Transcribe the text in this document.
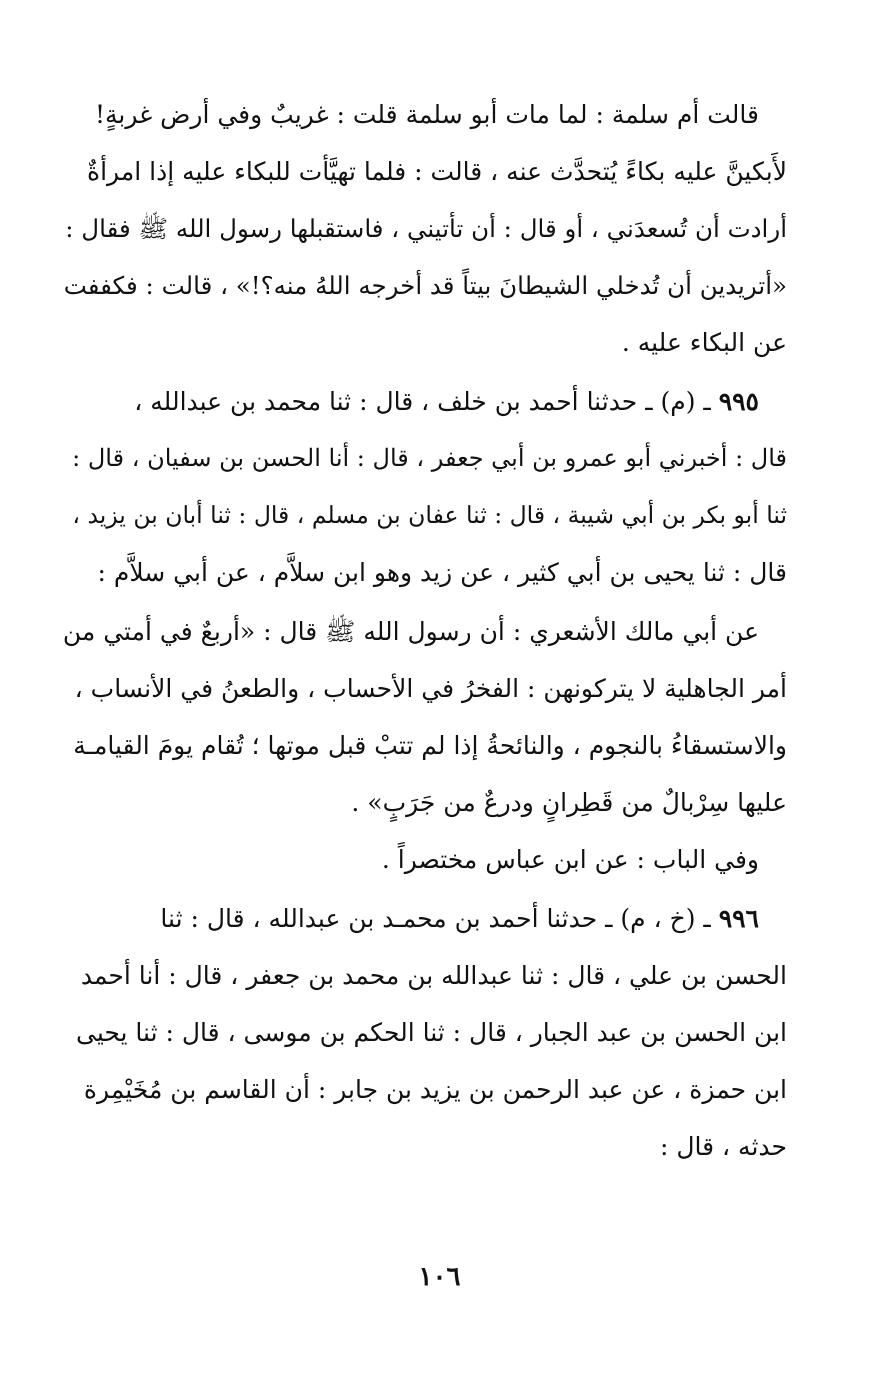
قالت أم سلمة : لما مات أبو سلمة قلت : غريبٌ وفي أرض غربةٍ!
لأَبكينَّ عليه بكاءً يُتحدَّث عنه ، قالت : فلما تهيَّأت للبكاء عليه إذا امرأةٌ
أرادت أن تُسعدَني ، أو قال : أن تأتيني ، فاستقبلها رسول الله ﷺ فقال :
«أتريدين أن تُدخلي الشيطانَ بيتاً قد أخرجه اللهُ منه؟!» ، قالت : فكففت
عن البكاء عليه .
٩٩٥ ـ (م) ـ حدثنا أحمد بن خلف ، قال : ثنا محمد بن عبدالله ،
قال : أخبرني أبو عمرو بن أبي جعفر ، قال : أنا الحسن بن سفيان ، قال :
ثنا أبو بكر بن أبي شيبة ، قال : ثنا عفان بن مسلم ، قال : ثنا أبان بن يزيد ،
قال : ثنا يحيى بن أبي كثير ، عن زيد وهو ابن سلاَّم ، عن أبي سلاَّم :
عن أبي مالك الأشعري : أن رسول الله ﷺ قال : «أربعٌ في أمتي من
أمر الجاهلية لا يتركونهن : الفخرُ في الأحساب ، والطعنُ في الأنساب ،
والاستسقاءُ بالنجوم ، والنائحةُ إذا لم تتبْ قبل موتها ؛ تُقام يومَ القيامـة
عليها سِرْبالٌ من قَطِرانٍ ودرعٌ من جَرَبٍ» .
وفي الباب : عن ابن عباس مختصراً .
٩٩٦ ـ (خ ، م) ـ حدثنا أحمد بن محمـد بن عبدالله ، قال : ثنا
الحسن بن علي ، قال : ثنا عبدالله بن محمد بن جعفر ، قال : أنا أحمد
ابن الحسن بن عبد الجبار ، قال : ثنا الحكم بن موسى ، قال : ثنا يحيى
ابن حمزة ، عن عبد الرحمن بن يزيد بن جابر : أن القاسم بن مُخَيْمِرة
حدثه ، قال :
١٠٦
